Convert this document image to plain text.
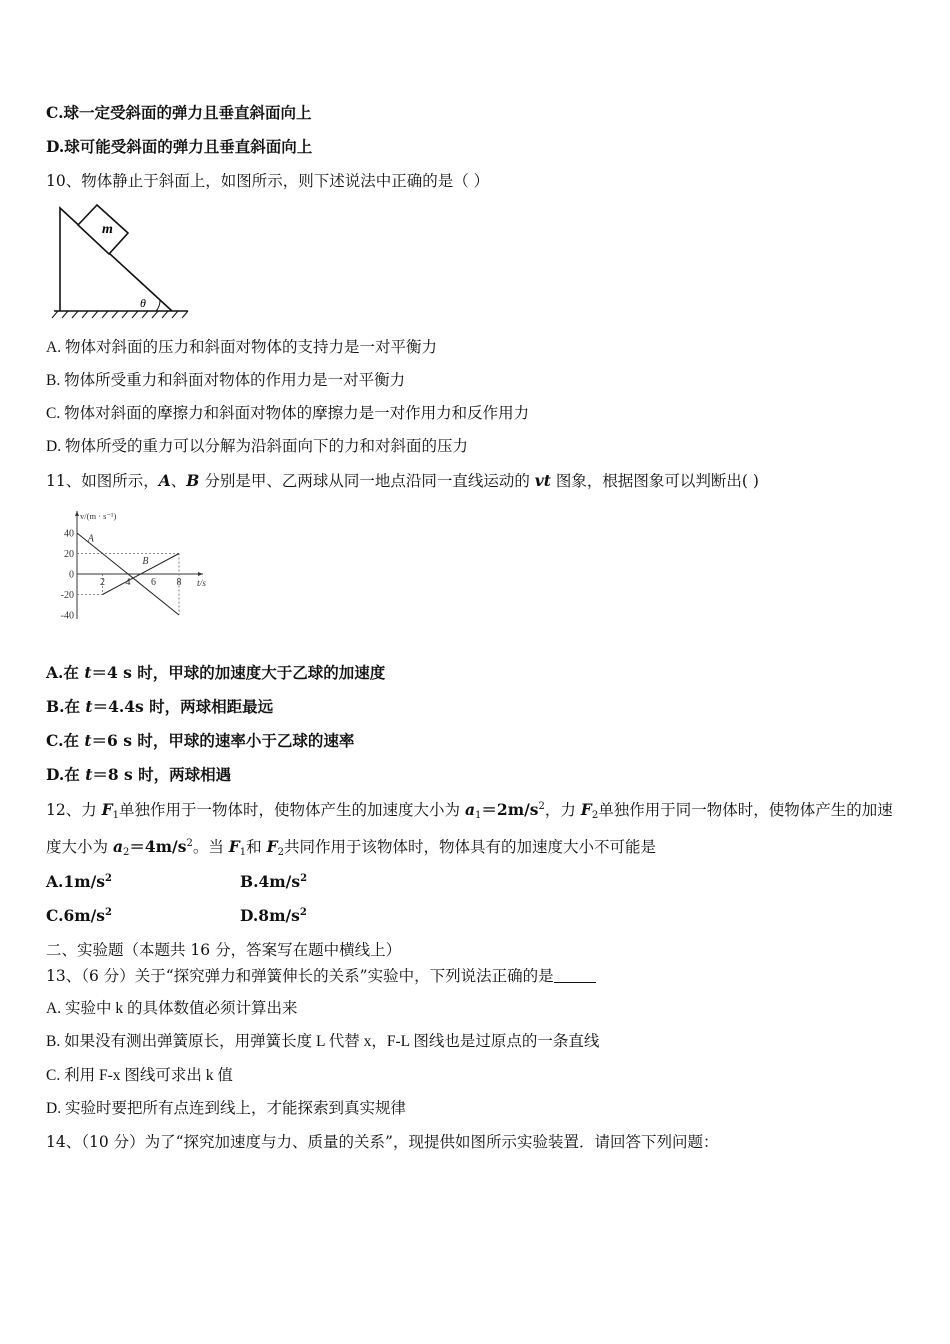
C.球一定受斜面的弹力且垂直斜面向上
D.球可能受斜面的弹力且垂直斜面向上
10、物体静止于斜面上，如图所示，则下述说法中正确的是（ ）
m
θ
A. 物体对斜面的压力和斜面对物体的支持力是一对平衡力
B. 物体所受重力和斜面对物体的作用力是一对平衡力
C. 物体对斜面的摩擦力和斜面对物体的摩擦力是一对作用力和反作用力
D. 物体所受的重力可以分解为沿斜面向下的力和对斜面的压力
11、如图所示，A、B 分别是甲、乙两球从同一地点沿同一直线运动的 vt 图象，根据图象可以判断出( )
40
20
0
-20
-40
2 4 6 8
A
B
v/(m · s⁻¹)
t/s
A.在 t＝4 s 时，甲球的加速度大于乙球的加速度
B.在 t＝4.4s 时，两球相距最远
C.在 t＝6 s 时，甲球的速率小于乙球的速率
D.在 t＝8 s 时，两球相遇
12、力 $F_1$单独作用于一物体时，使物体产生的加速度大小为 $a_1=2m/s^2$，力 $F_2$单独作用于同一物体时，使物体产生的加速
度大小为 $a_2=4m/s^2$。当 $F_1$和 $F_2$共同作用于该物体时，物体具有的加速度大小不可能是
$A.1m/s^2$	$B.4m/s^2$
$C.6m/s^2$	$D.8m/s^2$
二、实验题（本题共 16 分，答案写在题中横线上）
13、（6 分）关于“探究弹力和弹簧伸长的关系”实验中，下列说法正确的是
A. 实验中 k 的具体数值必须计算出来
B. 如果没有测出弹簧原长，用弹簧长度 L 代替 x，F-L 图线也是过原点的一条直线
C. 利用 F-x 图线可求出 k 值
D. 实验时要把所有点连到线上，才能探索到真实规律
14、（10 分）为了“探究加速度与力、质量的关系”，现提供如图所示实验装置．请回答下列问题：
